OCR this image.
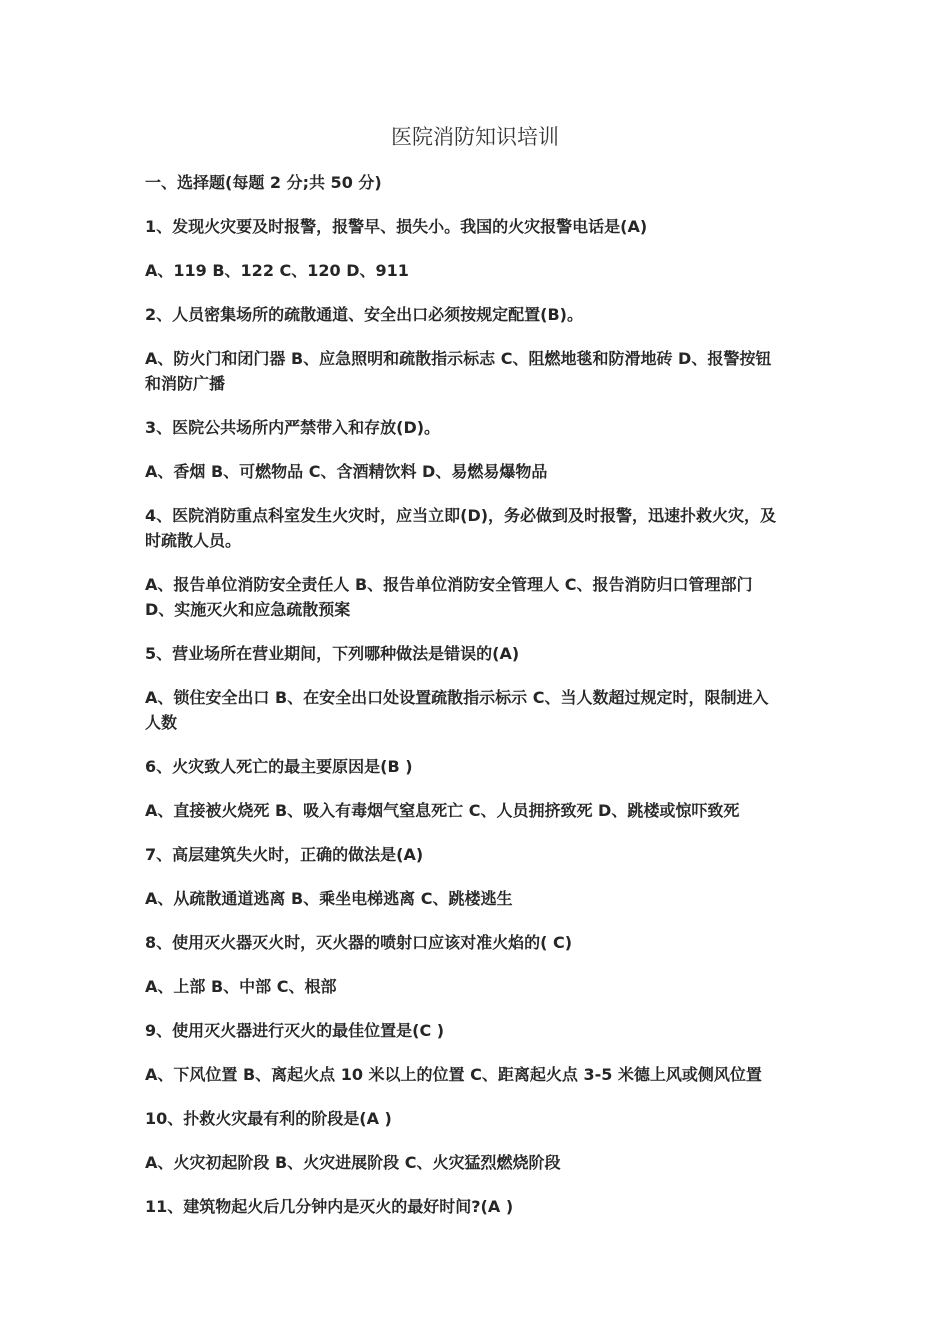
医院消防知识培训

一、选择题(每题 2 分;共 50 分)

1、发现火灾要及时报警，报警早、损失小。我国的火灾报警电话是(A)

A、119 B、122 C、120 D、911

2、人员密集场所的疏散通道、安全出口必须按规定配置(B)。

A、防火门和闭门器 B、应急照明和疏散指示标志 C、阻燃地毯和防滑地砖 D、报警按钮

和消防广播

3、医院公共场所内严禁带入和存放(D)。

A、香烟 B、可燃物品 C、含酒精饮料 D、易燃易爆物品

4、医院消防重点科室发生火灾时，应当立即(D)，务必做到及时报警，迅速扑救火灾，及

时疏散人员。

A、报告单位消防安全责任人 B、报告单位消防安全管理人 C、报告消防归口管理部门

D、实施灭火和应急疏散预案

5、营业场所在营业期间，下列哪种做法是错误的(A)

A、锁住安全出口 B、在安全出口处设置疏散指示标示 C、当人数超过规定时，限制进入

人数

6、火灾致人死亡的最主要原因是(B )

A、直接被火烧死 B、吸入有毒烟气窒息死亡 C、人员拥挤致死 D、跳楼或惊吓致死

7、高层建筑失火时，正确的做法是(A)

A、从疏散通道逃离 B、乘坐电梯逃离 C、跳楼逃生

8、使用灭火器灭火时，灭火器的喷射口应该对准火焰的( C)

A、上部 B、中部 C、根部

9、使用灭火器进行灭火的最佳位置是(C )

A、下风位置 B、离起火点 10 米以上的位置 C、距离起火点 3-5 米德上风或侧风位置

10、扑救火灾最有利的阶段是(A )

A、火灾初起阶段 B、火灾进展阶段 C、火灾猛烈燃烧阶段

11、建筑物起火后几分钟内是灭火的最好时间?(A )
